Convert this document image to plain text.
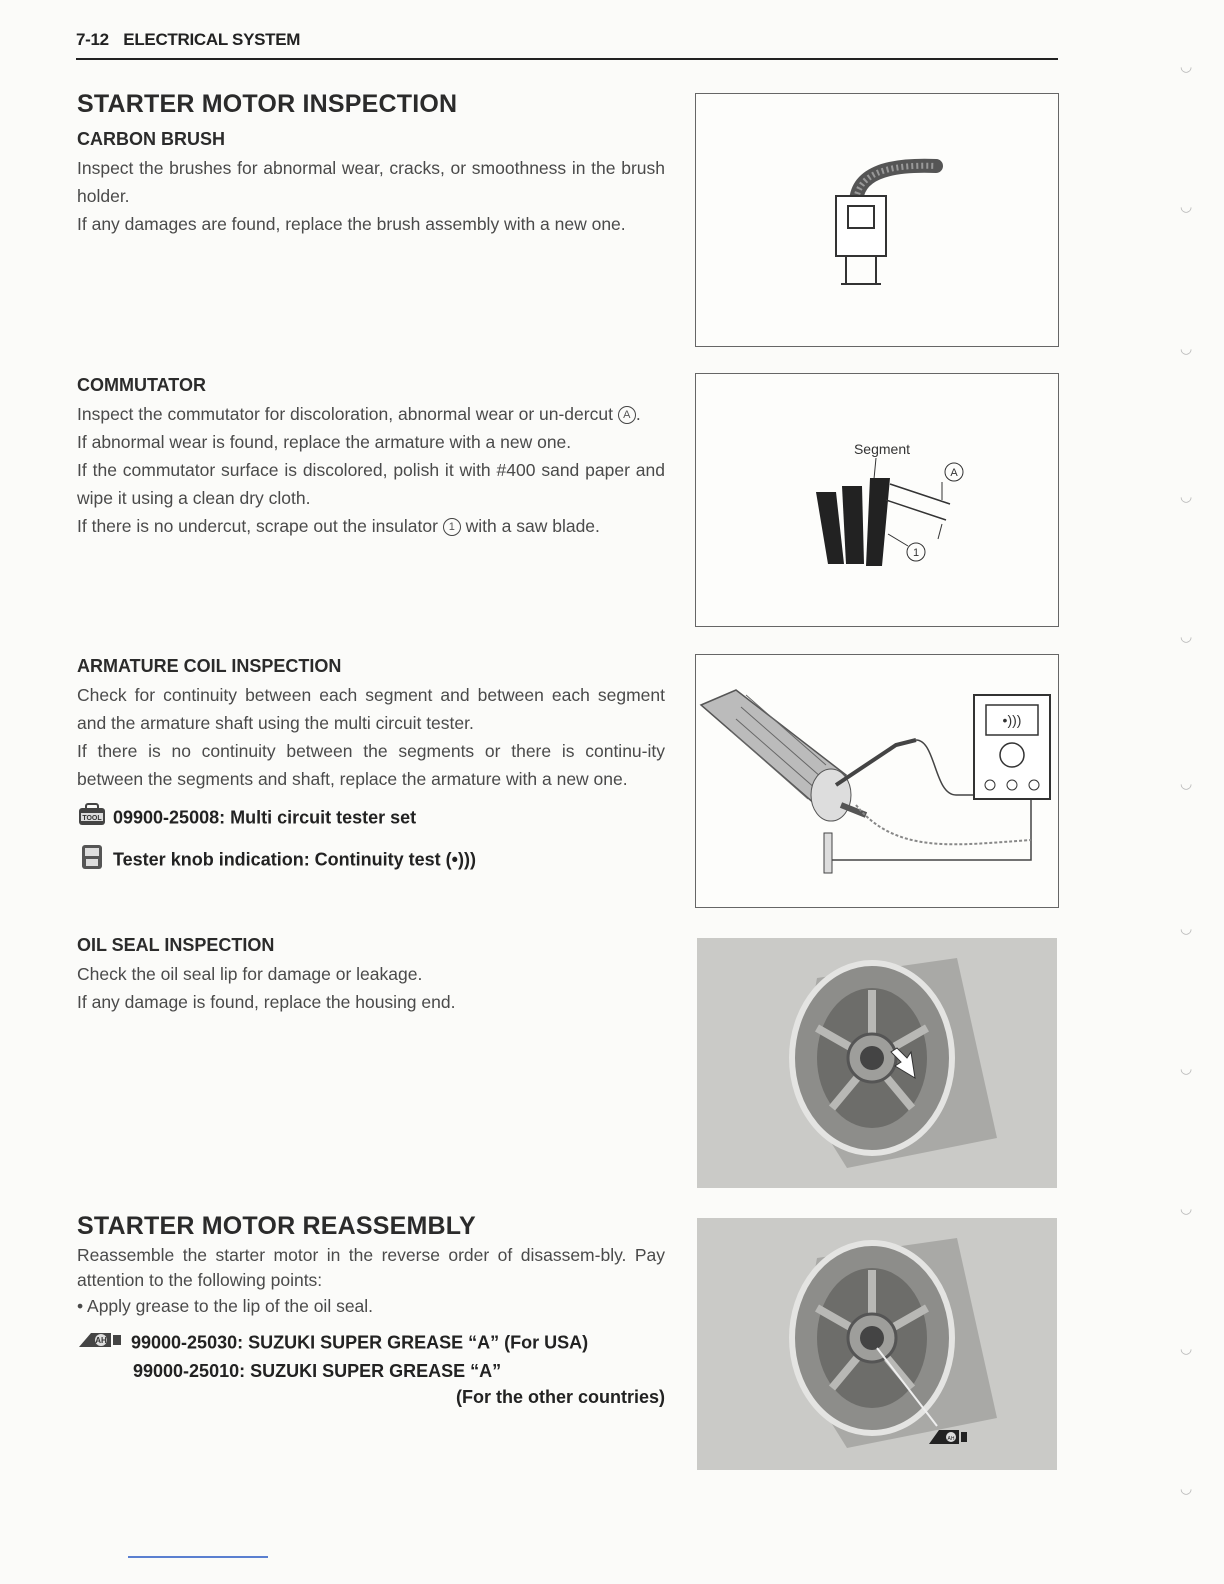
7-12 ELECTRICAL SYSTEM
STARTER MOTOR INSPECTION
CARBON BRUSH

Inspect the brushes for abnormal wear, cracks, or smoothness in the brush holder.

If any damages are found, replace the brush assembly with a new one.

COMMUTATOR

Inspect the commutator for discoloration, abnormal wear or un-dercut A .

If abnormal wear is found, replace the armature with a new one.

If the commutator surface is discolored, polish it with #400 sand paper and wipe it using a clean dry cloth.

If there is no undercut, scrape out the insulator 1 with a saw blade.

ARMATURE COIL INSPECTION

Check for continuity between each segment and between each segment and the armature shaft using the multi circuit tester.

If there is no continuity between the segments or there is continu-ity between the segments and shaft, replace the armature with a new one.

TOOL 09900-25008: Multi circuit tester set
Tester knob indication: Continuity test (•)))
OIL SEAL INSPECTION

Check the oil seal lip for damage or leakage.

If any damage is found, replace the housing end.

STARTER MOTOR REASSEMBLY

Reassemble the starter motor in the reverse order of disassem-bly. Pay attention to the following points:

• Apply grease to the lip of the oil seal.
AH 99000-25030: SUZUKI SUPER GREASE “A” (For USA)
99000-25010: SUZUKI SUPER GREASE “A”
(For the other countries)
Segment
A
1
•)))
AH
◡
◡
◡
◡
◡
◡
◡
◡
◡
◡
◡
